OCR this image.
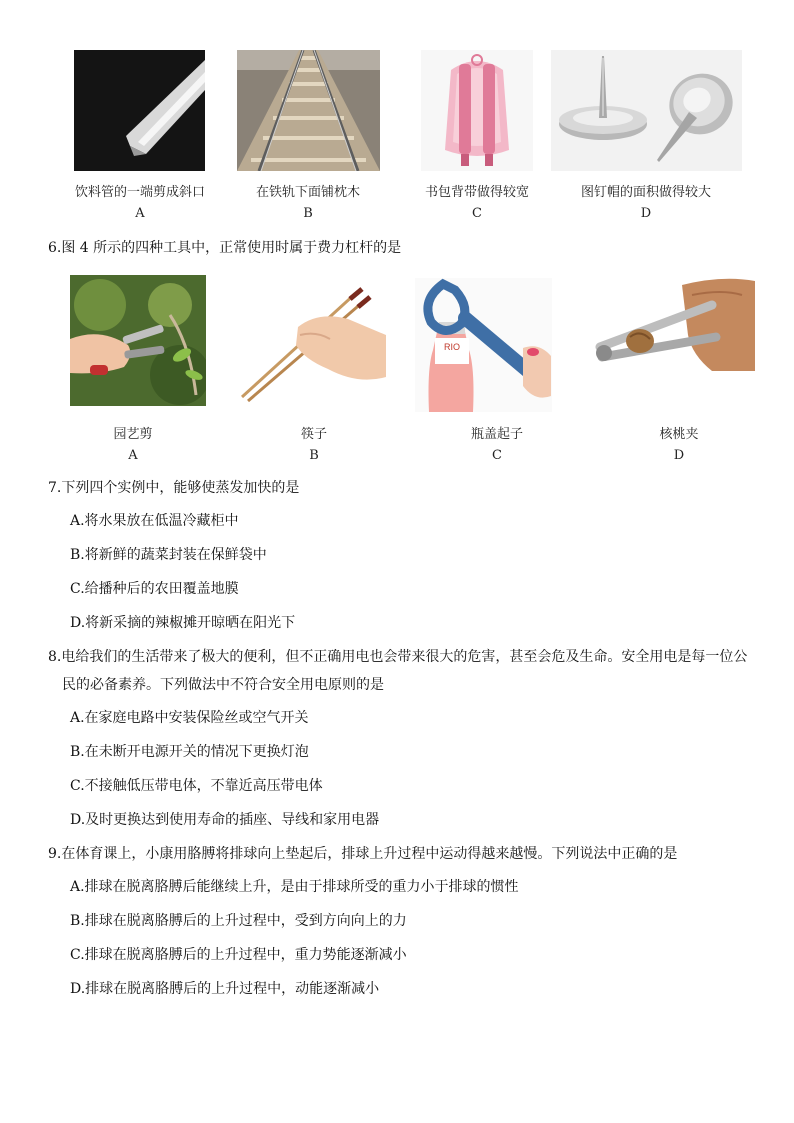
饮料管的一端剪成斜口	在铁轨下面铺枕木	书包背带做得较宽	图钉帽的面积做得较大
A	B	C	D
6.图 4 所示的四种工具中，正常使用时属于费力杠杆的是
RIO
园艺剪	筷子	瓶盖起子	核桃夹
A	B	C	D
7.下列四个实例中，能够使蒸发加快的是
A.将水果放在低温冷藏柜中
B.将新鲜的蔬菜封装在保鲜袋中
C.给播种后的农田覆盖地膜
D.将新采摘的辣椒摊开晾晒在阳光下
8.电给我们的生活带来了极大的便利，但不正确用电也会带来很大的危害，甚至会危及生命。安全用电是每一位公
民的必备素养。下列做法中不符合安全用电原则的是
A.在家庭电路中安装保险丝或空气开关
B.在未断开电源开关的情况下更换灯泡
C.不接触低压带电体，不靠近高压带电体
D.及时更换达到使用寿命的插座、导线和家用电器
9.在体育课上，小康用胳膊将排球向上垫起后，排球上升过程中运动得越来越慢。下列说法中正确的是
A.排球在脱离胳膊后能继续上升，是由于排球所受的重力小于排球的惯性
B.排球在脱离胳膊后的上升过程中，受到方向向上的力
C.排球在脱离胳膊后的上升过程中，重力势能逐渐减小
D.排球在脱离胳膊后的上升过程中，动能逐渐减小
